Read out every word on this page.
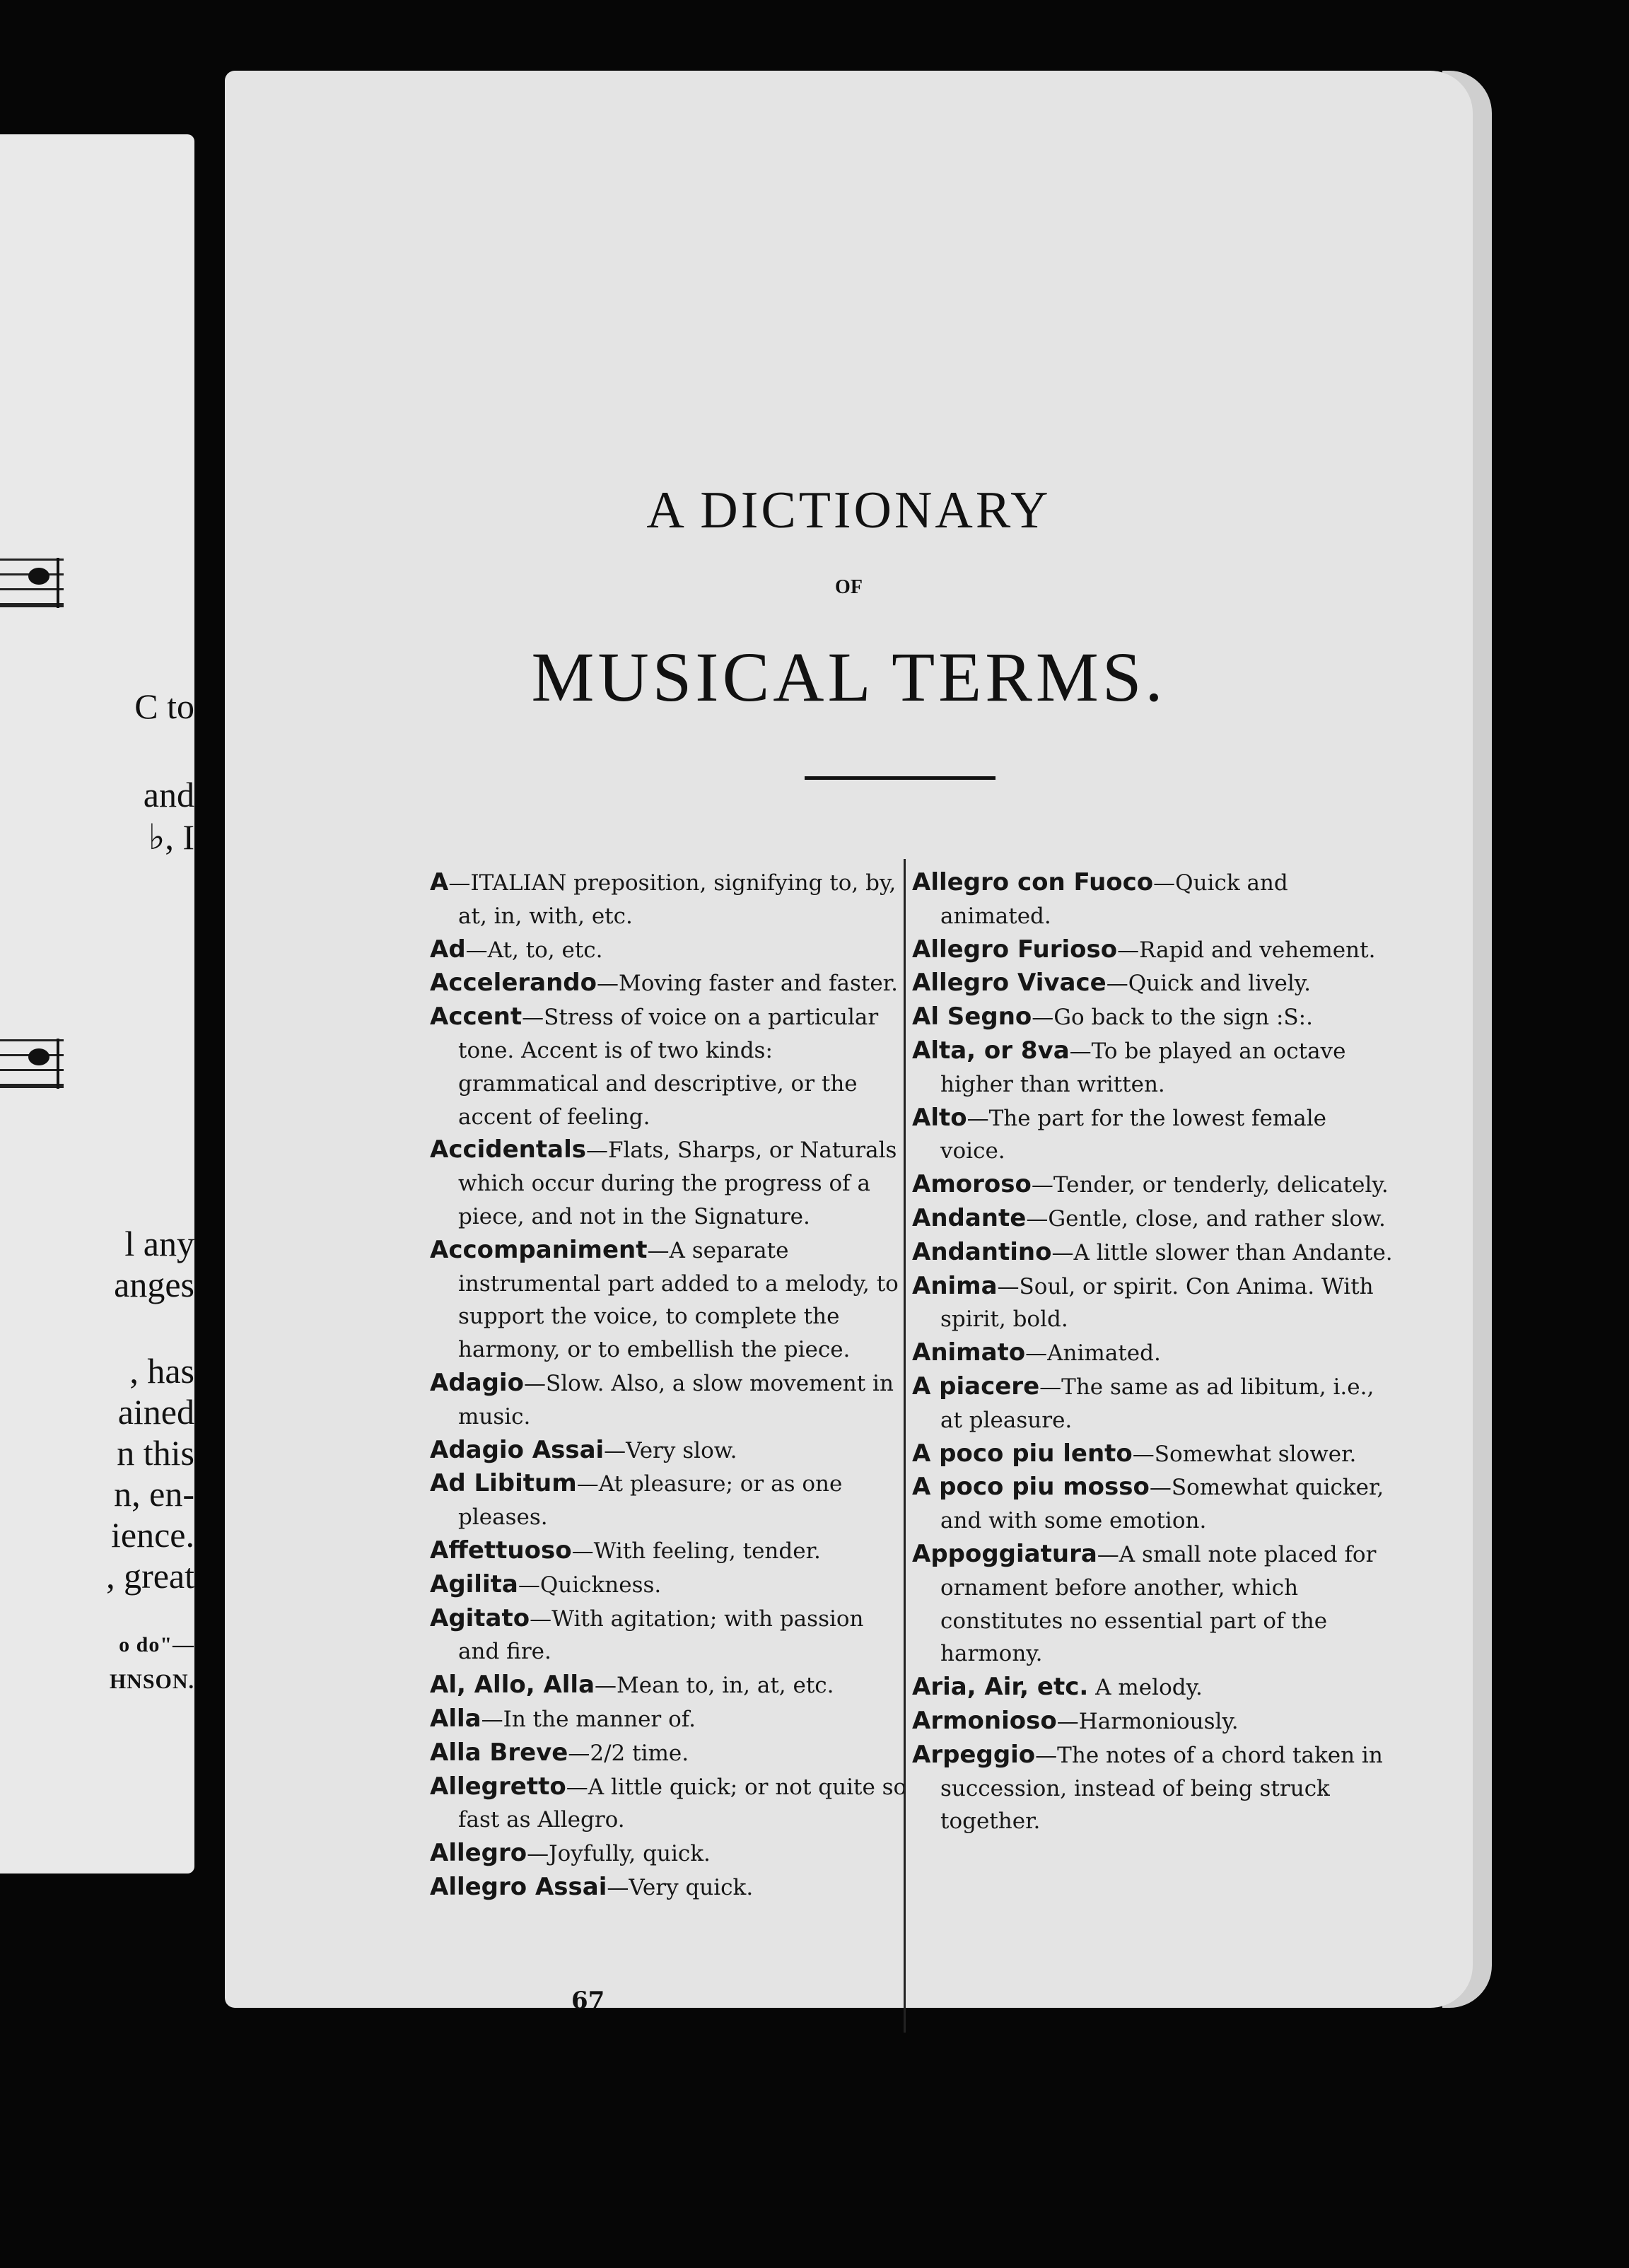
C to
and
♭, I
l any
anges
, has
ained
n this
n, en-
ience.
, great
o do"—
HNSON.
A DICTIONARY
OF
MUSICAL TERMS.

A—ITALIAN preposition, signifying to, by, at, in, with, etc.

Ad—At, to, etc.

Accelerando—Moving faster and faster.

Accent—Stress of voice on a particular tone. Accent is of two kinds: grammatical and descriptive, or the accent of feeling.

Accidentals—Flats, Sharps, or Naturals which occur during the progress of a piece, and not in the Signature.

Accompaniment—A separate instrumental part added to a melody, to support the voice, to complete the harmony, or to embellish the piece.

Adagio—Slow. Also, a slow movement in music.

Adagio Assai—Very slow.

Ad Libitum—At pleasure; or as one pleases.

Affettuoso—With feeling, tender.

Agilita—Quickness.

Agitato—With agitation; with passion and fire.

Al, Allo, Alla—Mean to, in, at, etc.

Alla—In the manner of.

Alla Breve—2/2 time.

Allegretto—A little quick; or not quite so fast as Allegro.

Allegro—Joyfully, quick.

Allegro Assai—Very quick.

Allegro con Fuoco—Quick and animated.

Allegro Furioso—Rapid and vehement.

Allegro Vivace—Quick and lively.

Al Segno—Go back to the sign :S:.

Alta, or 8va—To be played an octave higher than written.

Alto—The part for the lowest female voice.

Amoroso—Tender, or tenderly, delicately.

Andante—Gentle, close, and rather slow.

Andantino—A little slower than Andante.

Anima—Soul, or spirit. Con Anima. With spirit, bold.

Animato—Animated.

A piacere—The same as ad libitum, i.e., at pleasure.

A poco piu lento—Somewhat slower.

A poco piu mosso—Somewhat quicker, and with some emotion.

Appoggiatura—A small note placed for ornament before another, which constitutes no essential part of the harmony.

Aria, Air, etc. A melody.

Armonioso—Harmoniously.

Arpeggio—The notes of a chord taken in succession, instead of being struck together.

67
